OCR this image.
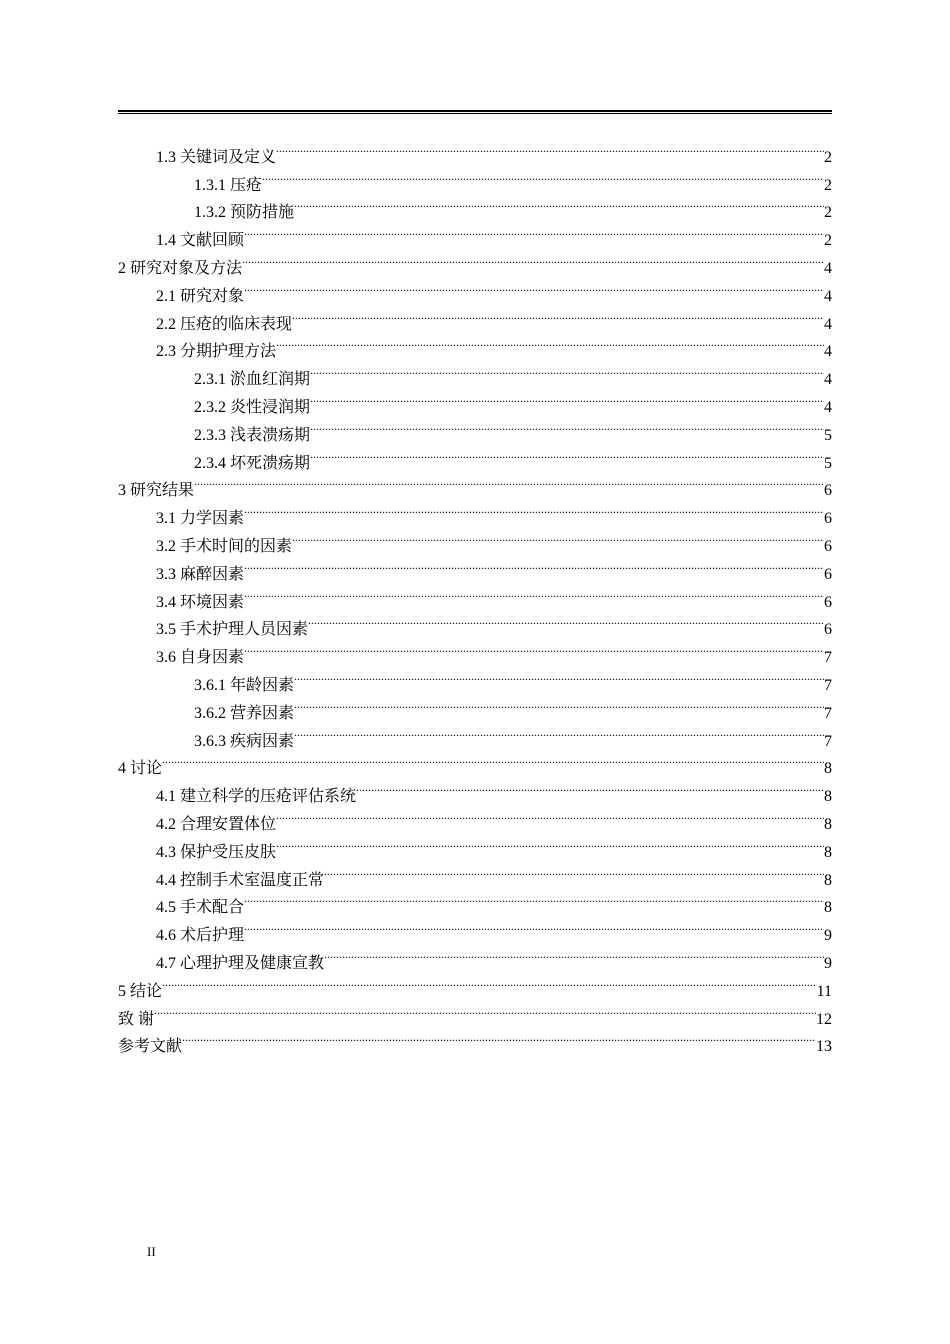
1.3 关键词及定义 .....	2
1.3.1 压疮 .....	2
1.3.2 预防措施 .....	2
1.4 文献回顾 .....	2
2 研究对象及方法 .....	4
2.1 研究对象 .....	4
2.2 压疮的临床表现 .....	4
2.3 分期护理方法 .....	4
2.3.1 淤血红润期 .....	4
2.3.2 炎性浸润期 .....	4
2.3.3 浅表溃疡期 .....	5
2.3.4 坏死溃疡期 .....	5
3 研究结果 .....	6
3.1 力学因素 .....	6
3.2 手术时间的因素 .....	6
3.3 麻醉因素 .....	6
3.4 环境因素 .....	6
3.5 手术护理人员因素 .....	6
3.6 自身因素 .....	7
3.6.1 年龄因素 .....	7
3.6.2 营养因素 .....	7
3.6.3 疾病因素 .....	7
4 讨论 .....	8
4.1 建立科学的压疮评估系统 .....	8
4.2 合理安置体位 .....	8
4.3 保护受压皮肤 .....	8
4.4 控制手术室温度正常 .....	8
4.5 手术配合 .....	8
4.6 术后护理 .....	9
4.7 心理护理及健康宣教 .....	9
5 结论 .....	11
致 谢 .....	12
参考文献 .....	13
II
